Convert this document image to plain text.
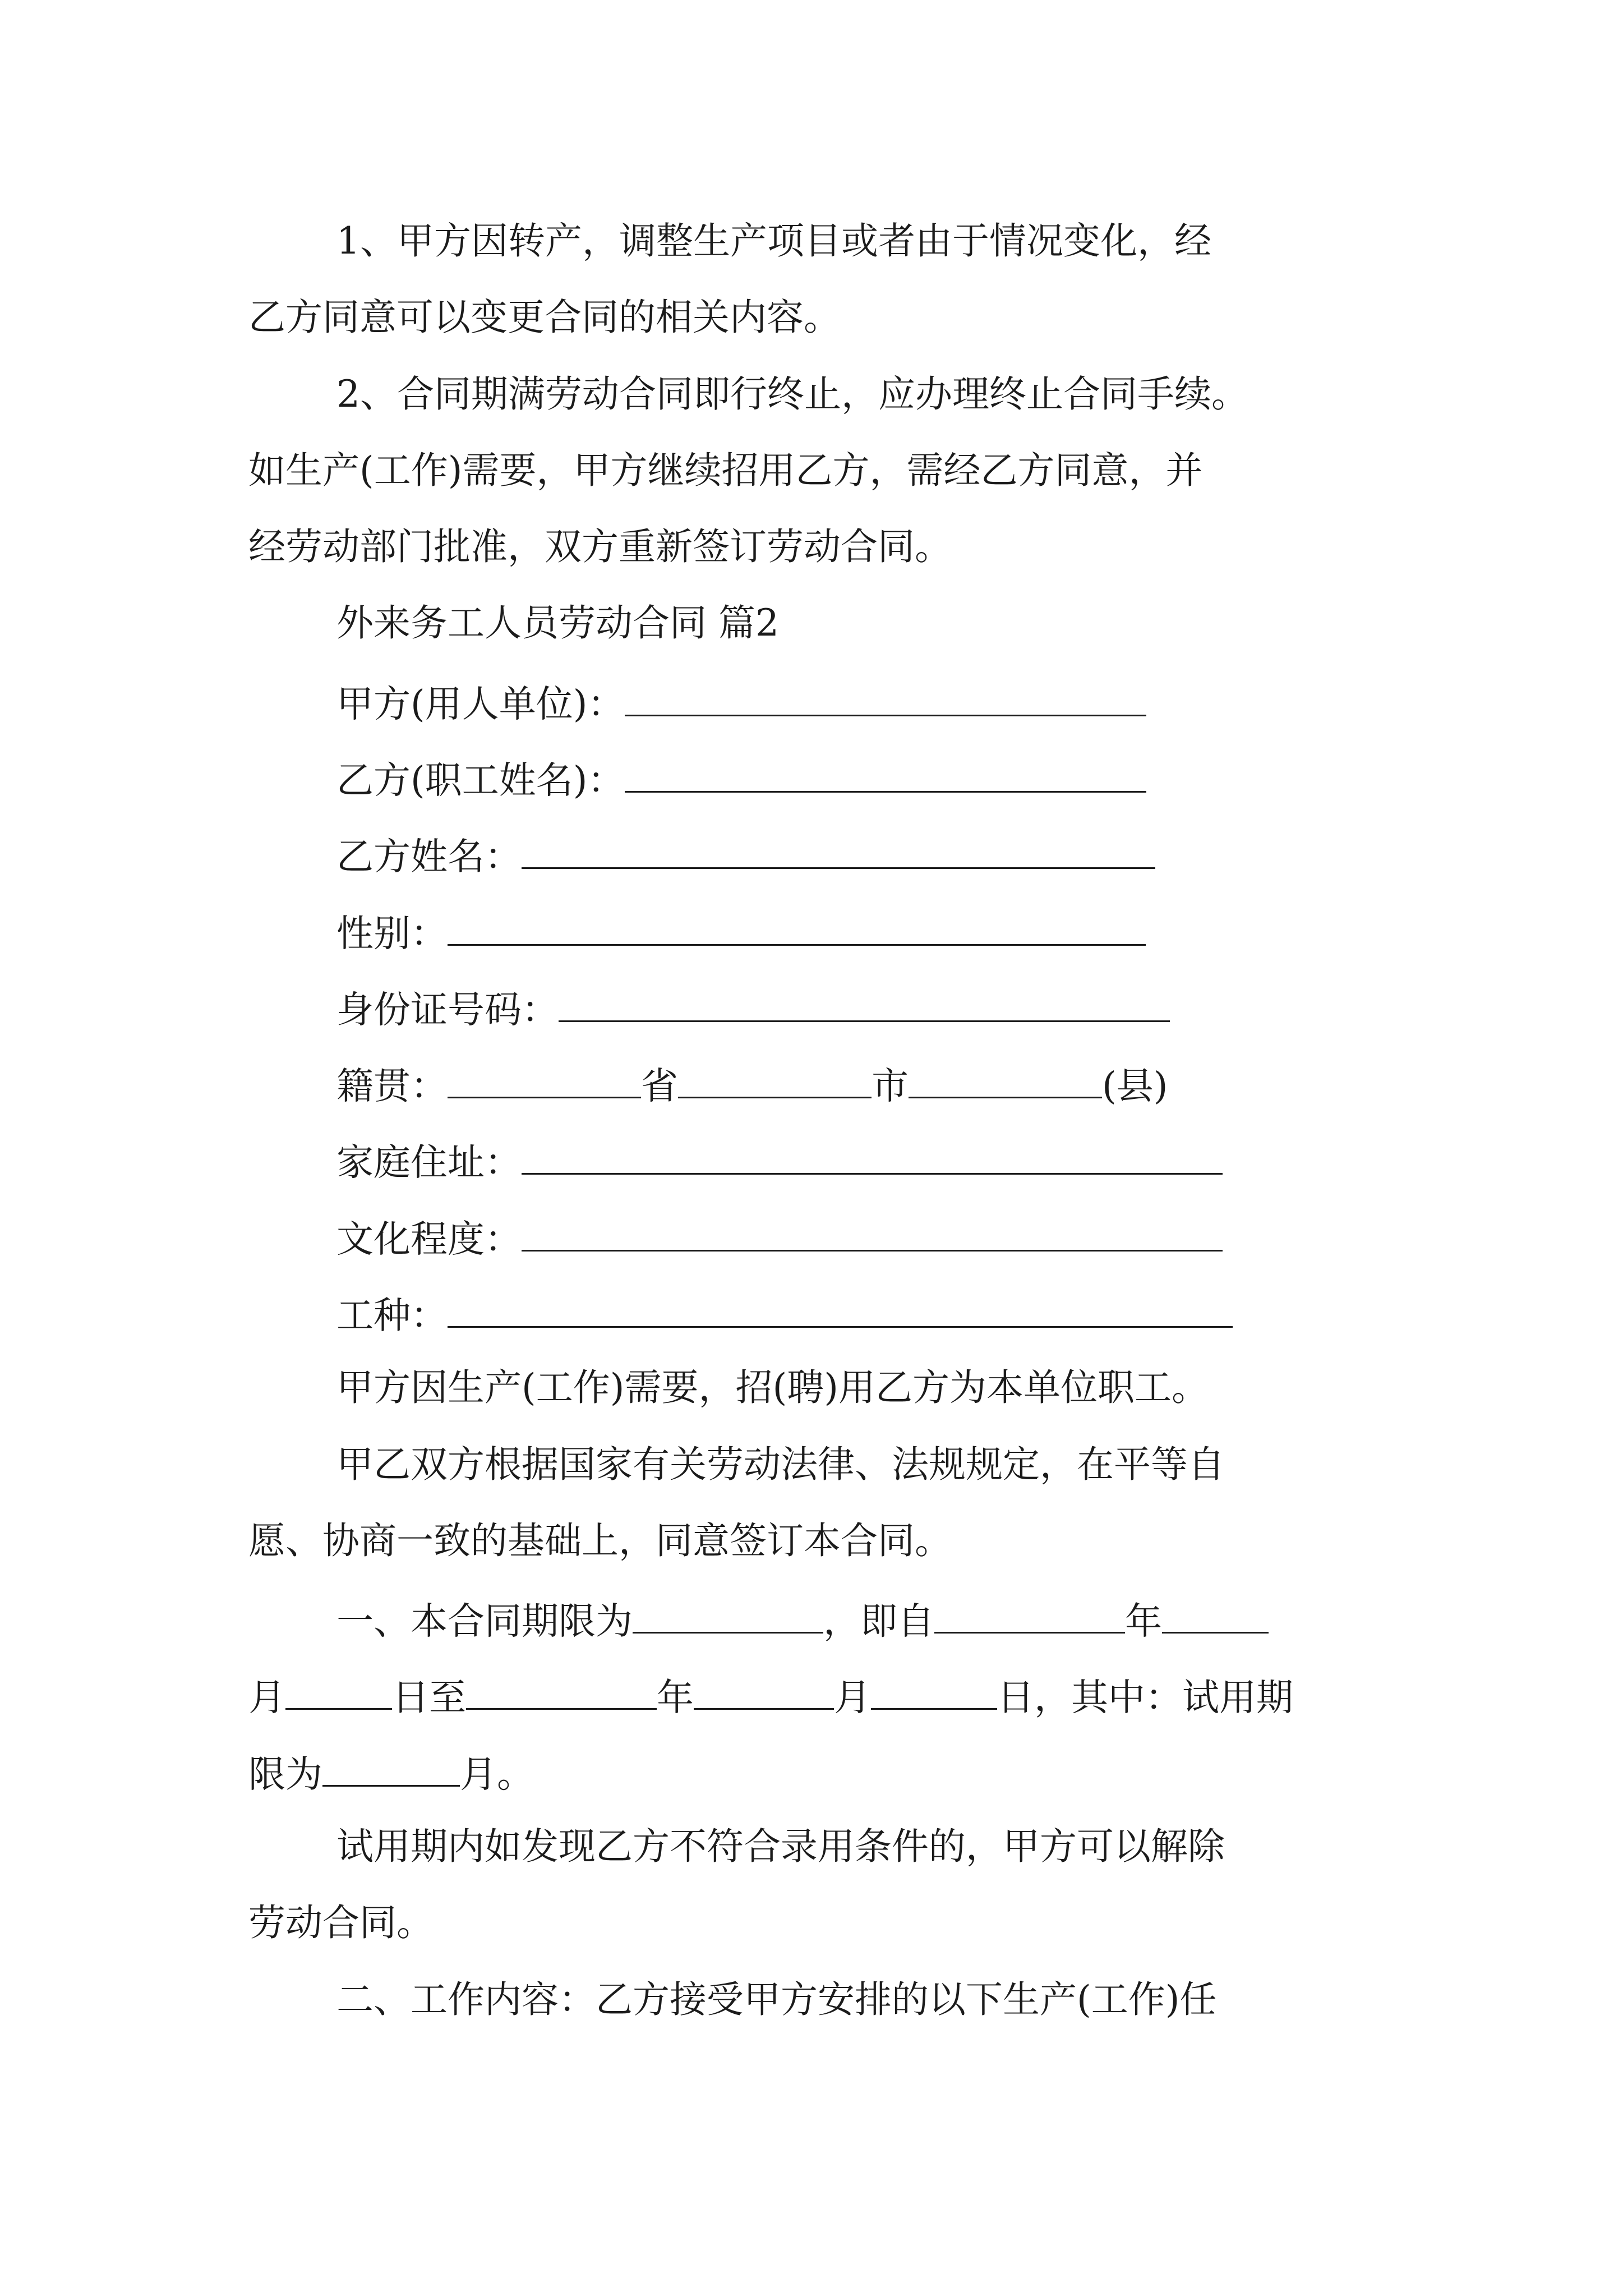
1、甲方因转产，调整生产项目或者由于情况变化，经
乙方同意可以变更合同的相关内容。
2、合同期满劳动合同即行终止，应办理终止合同手续。
如生产(工作)需要，甲方继续招用乙方，需经乙方同意，并
经劳动部门批准，双方重新签订劳动合同。
外来务工人员劳动合同 篇2
甲方(用人单位)：
乙方(职工姓名)：
乙方姓名：
性别：
身份证号码：
籍贯：	省	市	(县)
家庭住址：
文化程度：
工种：
甲方因生产(工作)需要，招(聘)用乙方为本单位职工。
甲乙双方根据国家有关劳动法律、法规规定，在平等自
愿、协商一致的基础上，同意签订本合同。
一、本合同期限为	，即自	年
月	日至	年	月	日，其中：试用期
限为	月。
试用期内如发现乙方不符合录用条件的，甲方可以解除
劳动合同。
二、工作内容：乙方接受甲方安排的以下生产(工作)任
